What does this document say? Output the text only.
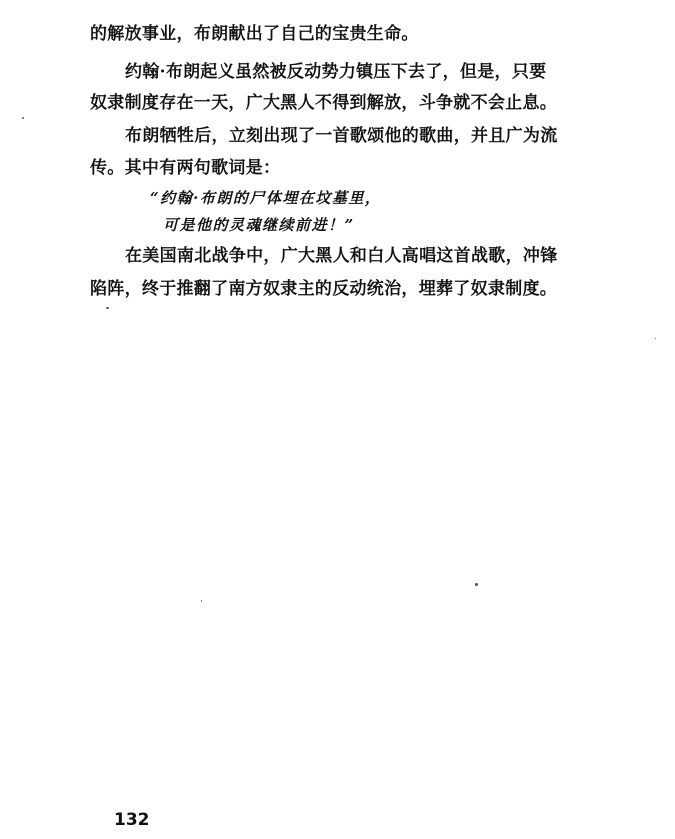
的解放事业，布朗献出了自己的宝贵生命。
约翰·布朗起义虽然被反动势力镇压下去了，但是，只要
奴隶制度存在一天，广大黑人不得到解放，斗争就不会止息。
布朗牺牲后，立刻出现了一首歌颂他的歌曲，并且广为流
传。其中有两句歌词是：
“约翰·布朗的尸体埋在坟墓里，
可是他的灵魂继续前进！”
在美国南北战争中，广大黑人和白人高唱这首战歌，冲锋
陷阵，终于推翻了南方奴隶主的反动统治，埋葬了奴隶制度。
132
